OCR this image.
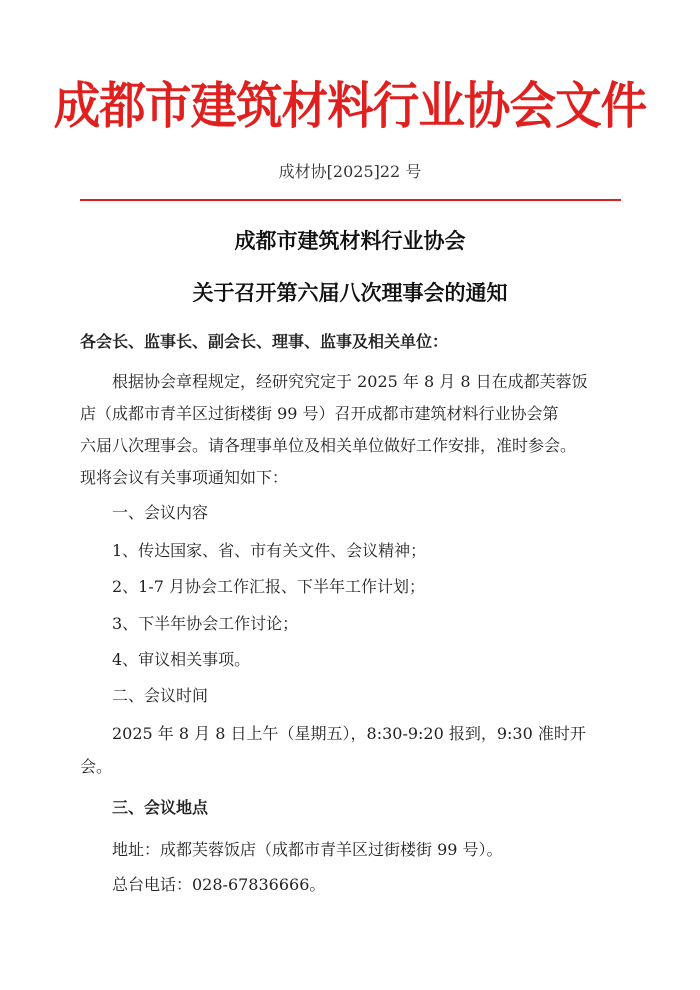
成都市建筑材料行业协会文件
成材协[2025]22 号
成都市建筑材料行业协会
关于召开第六届八次理事会的通知
各会长、监事长、副会长、理事、监事及相关单位：
根据协会章程规定，经研究究定于 2025 年 8 月 8 日在成都芙蓉饭
店（成都市青羊区过街楼街 99 号）召开成都市建筑材料行业协会第
六届八次理事会。请各理事单位及相关单位做好工作安排，准时参会。
现将会议有关事项通知如下：
一、会议内容
1、传达国家、省、市有关文件、会议精神；
2、1-7 月协会工作汇报、下半年工作计划；
3、下半年协会工作讨论；
4、审议相关事项。
二、会议时间
2025 年 8 月 8 日上午（星期五），8:30-9:20 报到，9:30 准时开
会。
三、会议地点
地址：成都芙蓉饭店（成都市青羊区过街楼街 99 号）。
总台电话：028-67836666。
